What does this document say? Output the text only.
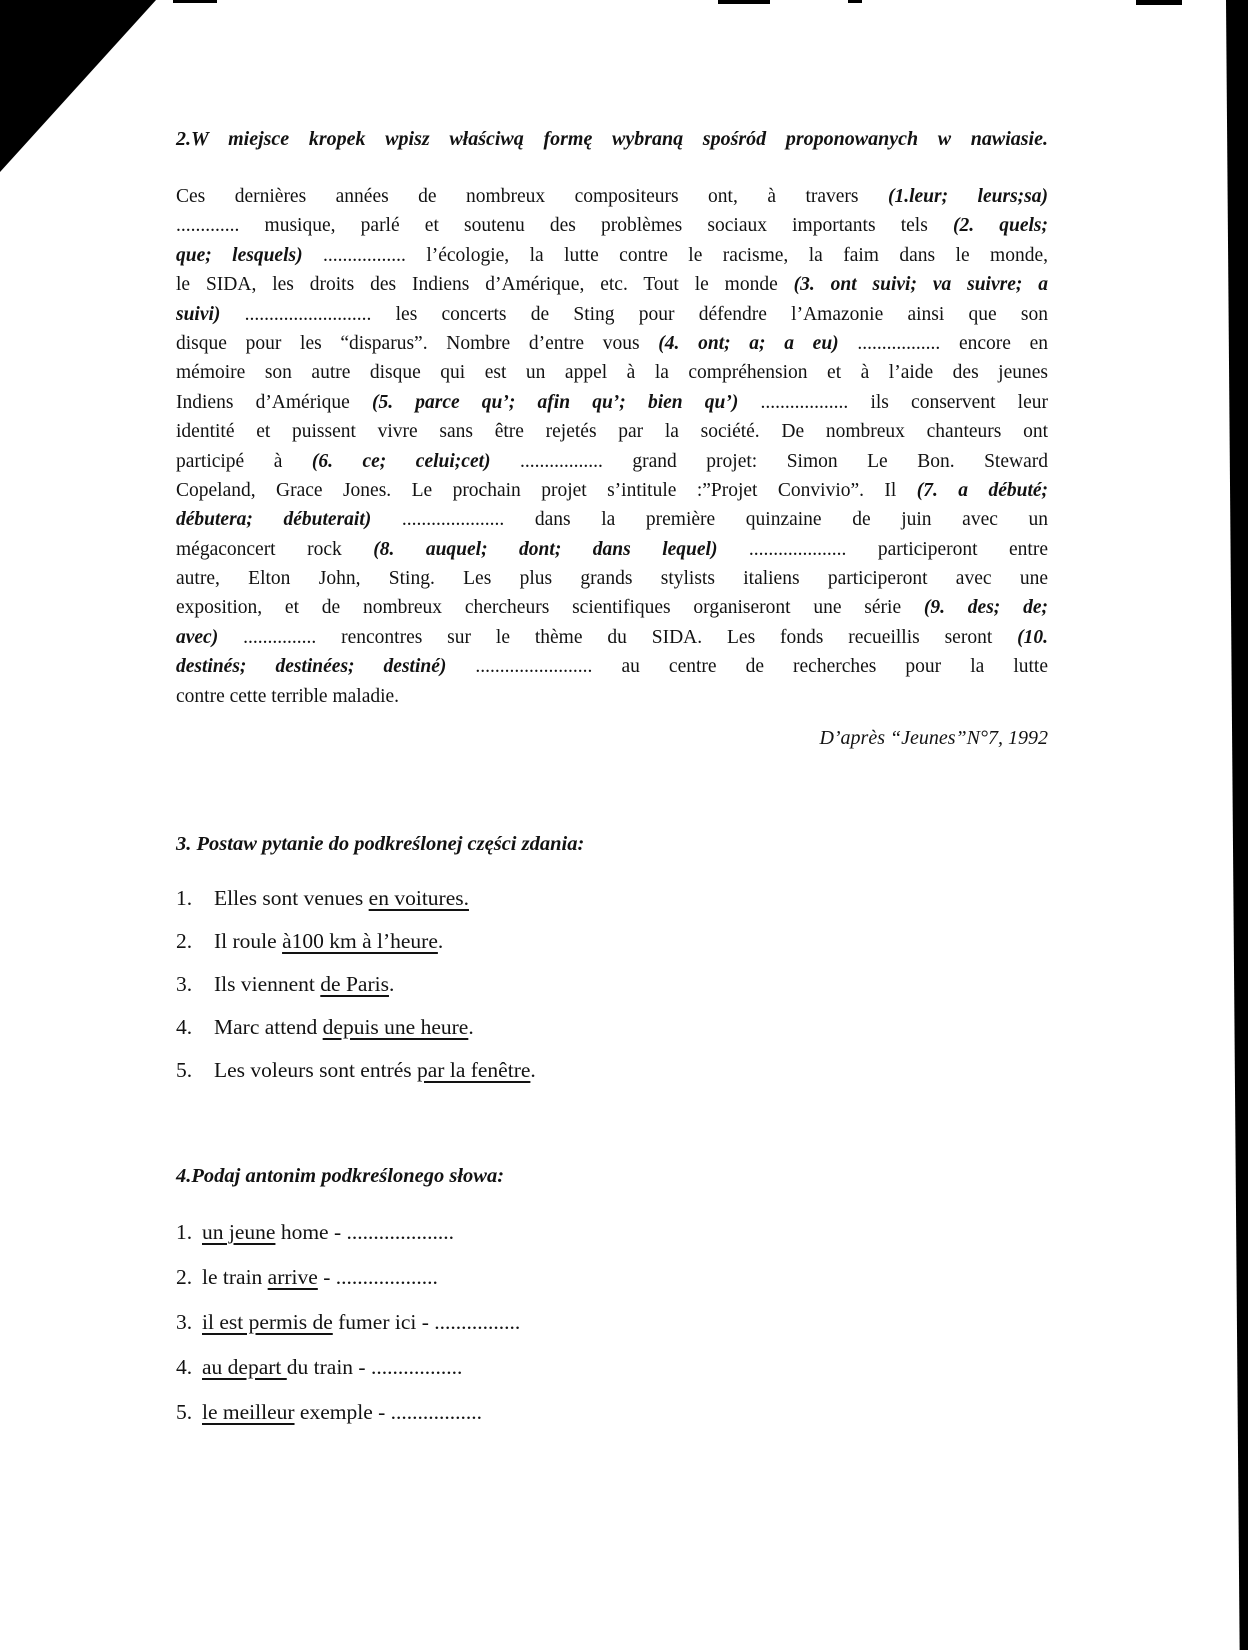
2.W miejsce kropek wpisz właściwą formę wybraną spośród proponowanych w nawiasie.
Ces dernières années de nombreux compositeurs ont, à travers (1.leur; leurs;sa)
............. musique, parlé et soutenu des problèmes sociaux importants tels (2. quels;
que; lesquels) ................. l’écologie, la lutte contre le racisme, la faim dans le monde,
le SIDA, les droits des Indiens d’Amérique, etc. Tout le monde (3. ont suivi; va suivre; a
suivi) .......................... les concerts de Sting pour défendre l’Amazonie ainsi que son
disque pour les “disparus”. Nombre d’entre vous (4. ont; a; a eu) ................. encore en
mémoire son autre disque qui est un appel à la compréhension et à l’aide des jeunes
Indiens d’Amérique (5. parce qu’; afin qu’; bien qu’) .................. ils conservent leur
identité et puissent vivre sans être rejetés par la société. De nombreux chanteurs ont
participé à (6. ce; celui;cet) ................. grand projet: Simon Le Bon. Steward
Copeland, Grace Jones. Le prochain projet s’intitule :”Projet Convivio”. Il (7. a débuté;
débutera; débuterait) ..................... dans la première quinzaine de juin avec un
mégaconcert rock (8. auquel; dont; dans lequel) .................... participeront entre
autre, Elton John, Sting. Les plus grands stylists italiens participeront avec une
exposition, et de nombreux chercheurs scientifiques organiseront une série (9. des; de;
avec) ............... rencontres sur le thème du SIDA. Les fonds recueillis seront (10.
destinés; destinées; destiné) ........................ au centre de recherches pour la lutte
contre cette terrible maladie.
D’après “Jeunes”N°7, 1992
3. Postaw pytanie do podkreślonej części zdania:
1.	Elles sont venues en voitures.
2.	Il roule à100 km à l’heure.
3.	Ils viennent de Paris.
4.	Marc attend depuis une heure.
5.	Les voleurs sont entrés par la fenêtre.
4.Podaj antonim podkreślonego słowa:
1. un jeune home - ....................
2. le train arrive - ...................
3. il est permis de fumer ici - ................
4. au depart du train - .................
5. le meilleur exemple - .................
